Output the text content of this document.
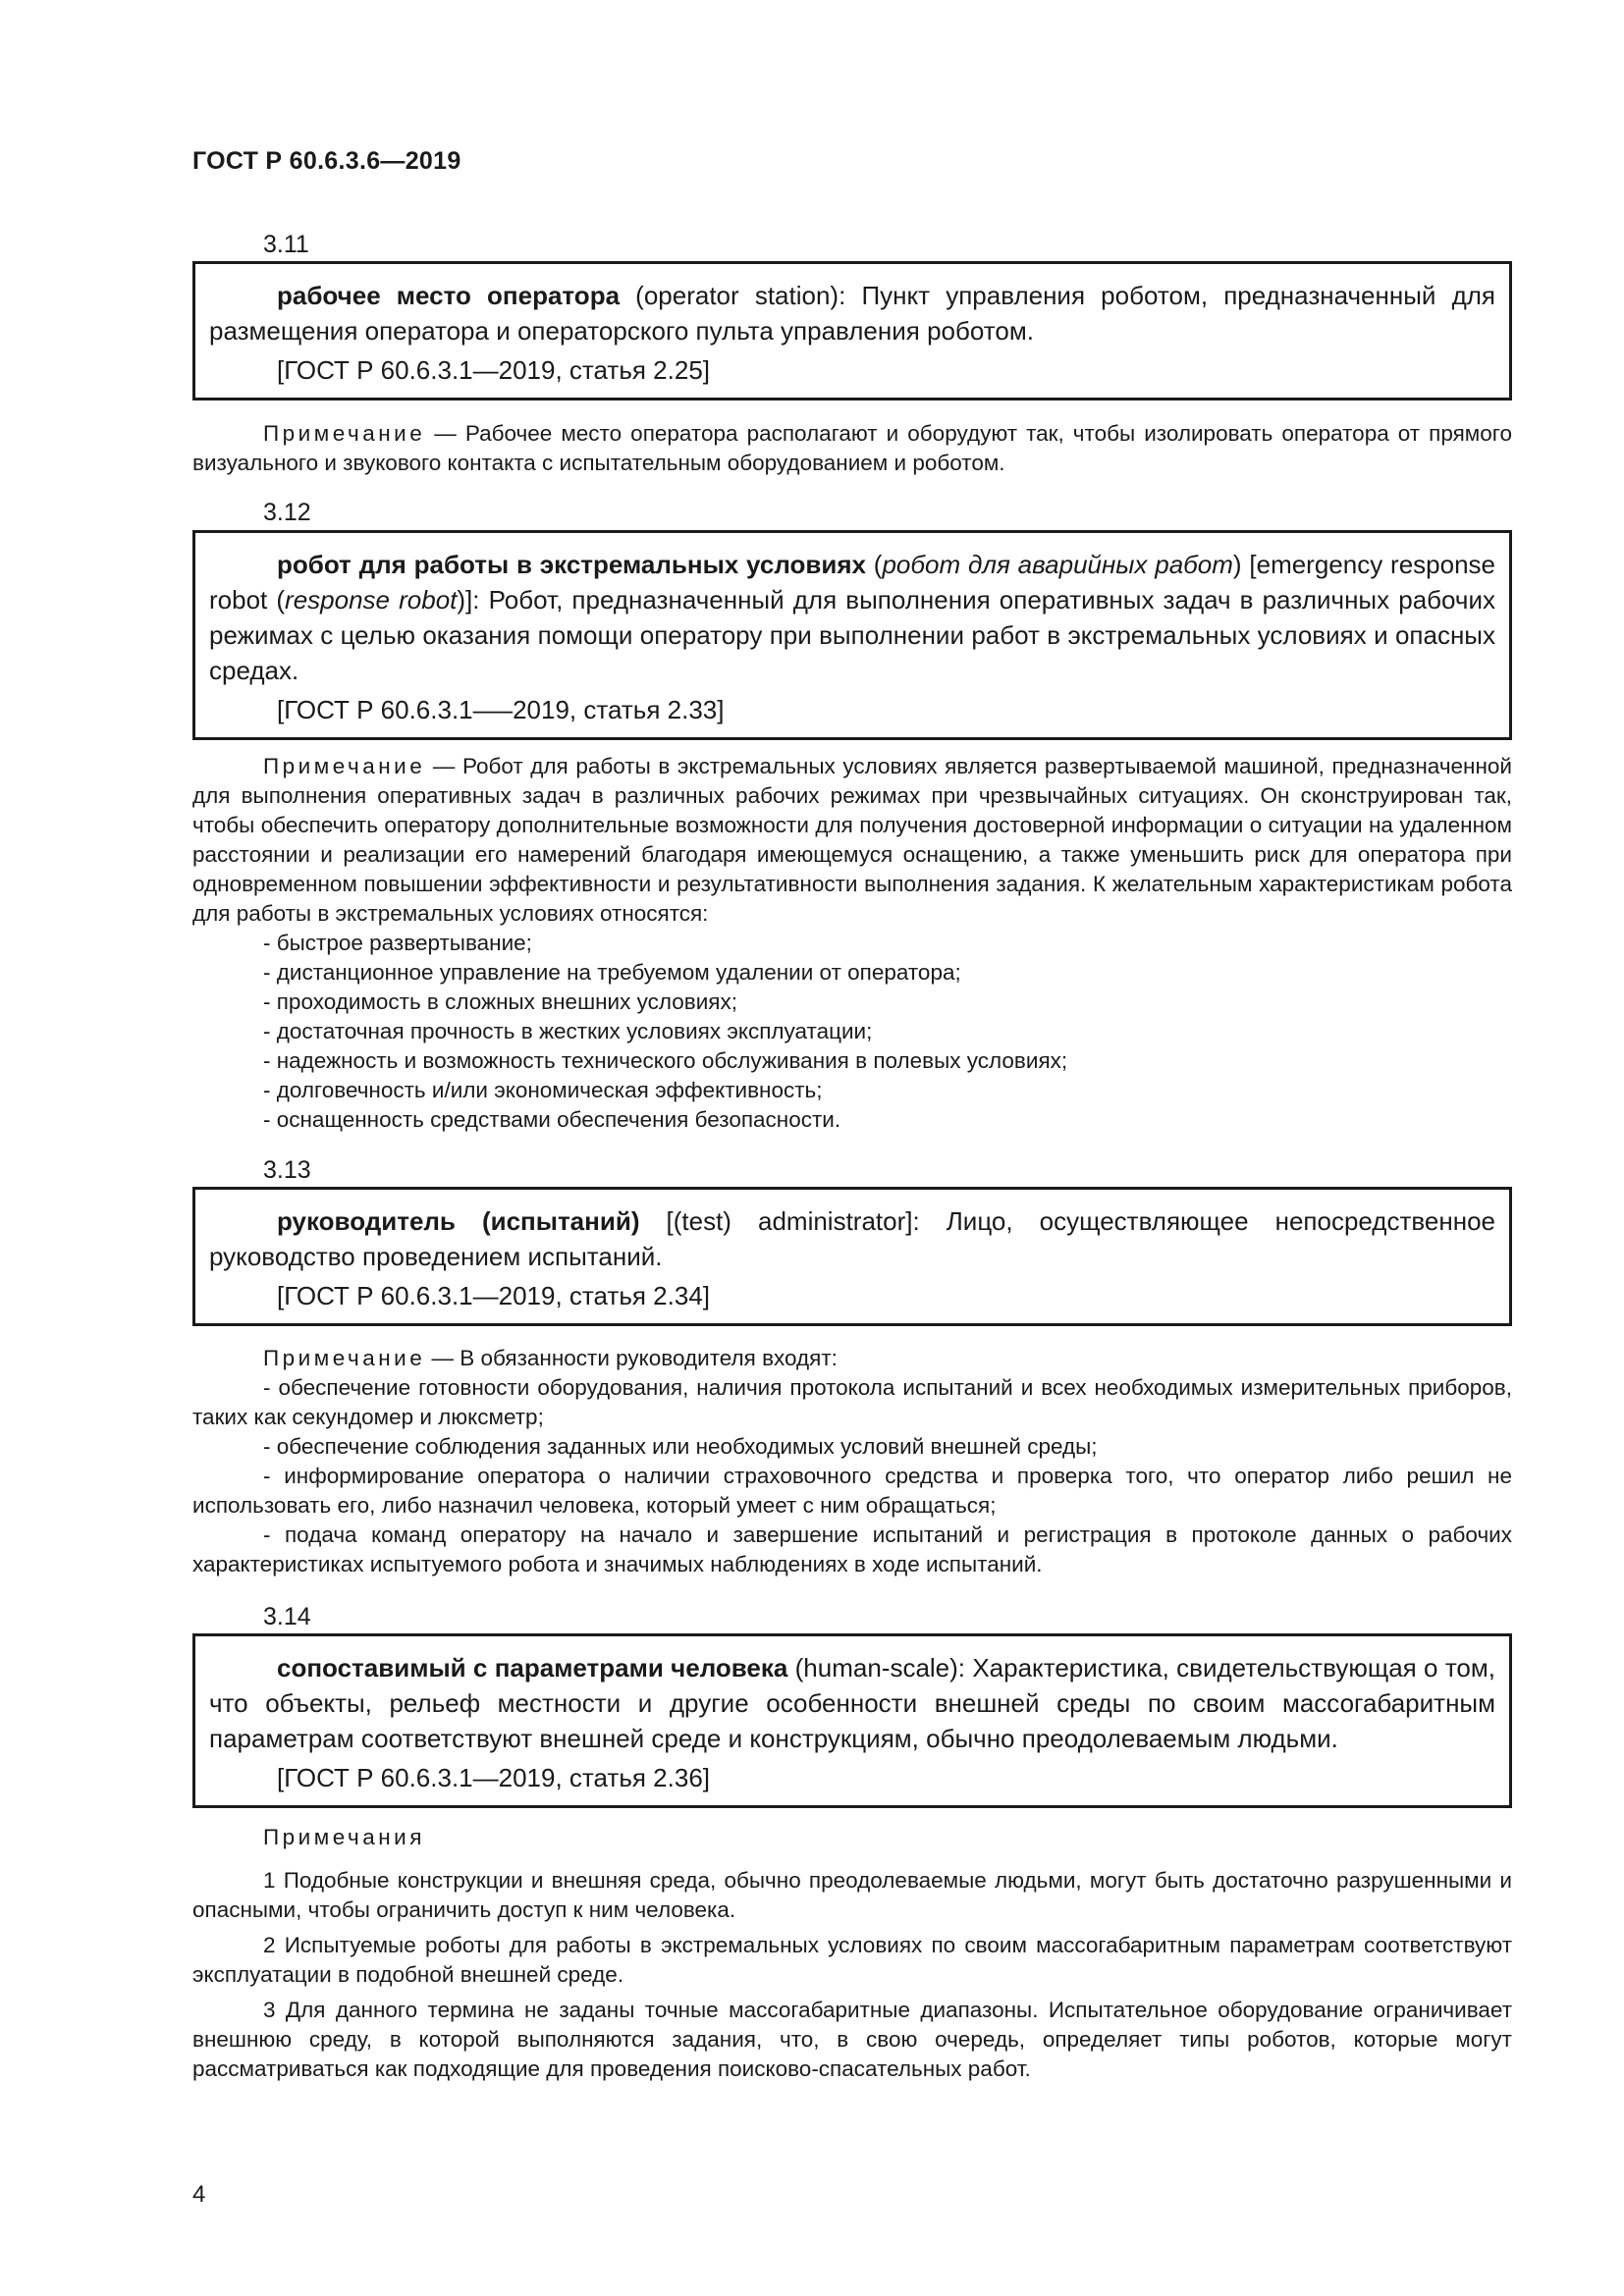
ГОСТ Р 60.6.3.6—2019
3.11

рабочее место оператора (operator station): Пункт управления роботом, предназначенный для размещения оператора и операторского пульта управления роботом.

[ГОСТ Р 60.6.3.1—2019, статья 2.25]

Примечание — Рабочее место оператора располагают и оборудуют так, чтобы изолировать оператора от прямого визуального и звукового контакта с испытательным оборудованием и роботом.

3.12

робот для работы в экстремальных условиях (робот для аварийных работ) [emergency response robot (response robot)]: Робот, предназначенный для выполнения оперативных задач в различных рабочих режимах с целью оказания помощи оператору при выполнении работ в экстремальных условиях и опасных средах.

[ГОСТ Р 60.6.3.1—–2019, статья 2.33]

Примечание — Робот для работы в экстремальных условиях является развертываемой машиной, предназначенной для выполнения оперативных задач в различных рабочих режимах при чрезвычайных ситуациях. Он сконструирован так, чтобы обеспечить оператору дополнительные возможности для получения достоверной информации о ситуации на удаленном расстоянии и реализации его намерений благодаря имеющемуся оснащению, а также уменьшить риск для оператора при одновременном повышении эффективности и результативности выполнения задания. К желательным характеристикам робота для работы в экстремальных условиях относятся:

- быстрое развертывание;
- дистанционное управление на требуемом удалении от оператора;
- проходимость в сложных внешних условиях;
- достаточная прочность в жестких условиях эксплуатации;
- надежность и возможность технического обслуживания в полевых условиях;
- долговечность и/или экономическая эффективность;
- оснащенность средствами обеспечения безопасности.
3.13

руководитель (испытаний) [(test) administrator]: Лицо, осуществляющее непосредственное руководство проведением испытаний.

[ГОСТ Р 60.6.3.1—2019, статья 2.34]

Примечание — В обязанности руководителя входят:

- обеспечение готовности оборудования, наличия протокола испытаний и всех необходимых измерительных приборов, таких как секундомер и люксметр;

- обеспечение соблюдения заданных или необходимых условий внешней среды;

- информирование оператора о наличии страховочного средства и проверка того, что оператор либо решил не использовать его, либо назначил человека, который умеет с ним обращаться;

- подача команд оператору на начало и завершение испытаний и регистрация в протоколе данных о рабочих характеристиках испытуемого робота и значимых наблюдениях в ходе испытаний.

3.14

сопоставимый с параметрами человека (human-scale): Характеристика, свидетельствующая о том, что объекты, рельеф местности и другие особенности внешней среды по своим массогабаритным параметрам соответствуют внешней среде и конструкциям, обычно преодолеваемым людьми.

[ГОСТ Р 60.6.3.1—2019, статья 2.36]

Примечания

1 Подобные конструкции и внешняя среда, обычно преодолеваемые людьми, могут быть достаточно разрушенными и опасными, чтобы ограничить доступ к ним человека.

2 Испытуемые роботы для работы в экстремальных условиях по своим массогабаритным параметрам соответствуют эксплуатации в подобной внешней среде.

3 Для данного термина не заданы точные массогабаритные диапазоны. Испытательное оборудование ограничивает внешнюю среду, в которой выполняются задания, что, в свою очередь, определяет типы роботов, которые могут рассматриваться как подходящие для проведения поисково-спасательных работ.

4
